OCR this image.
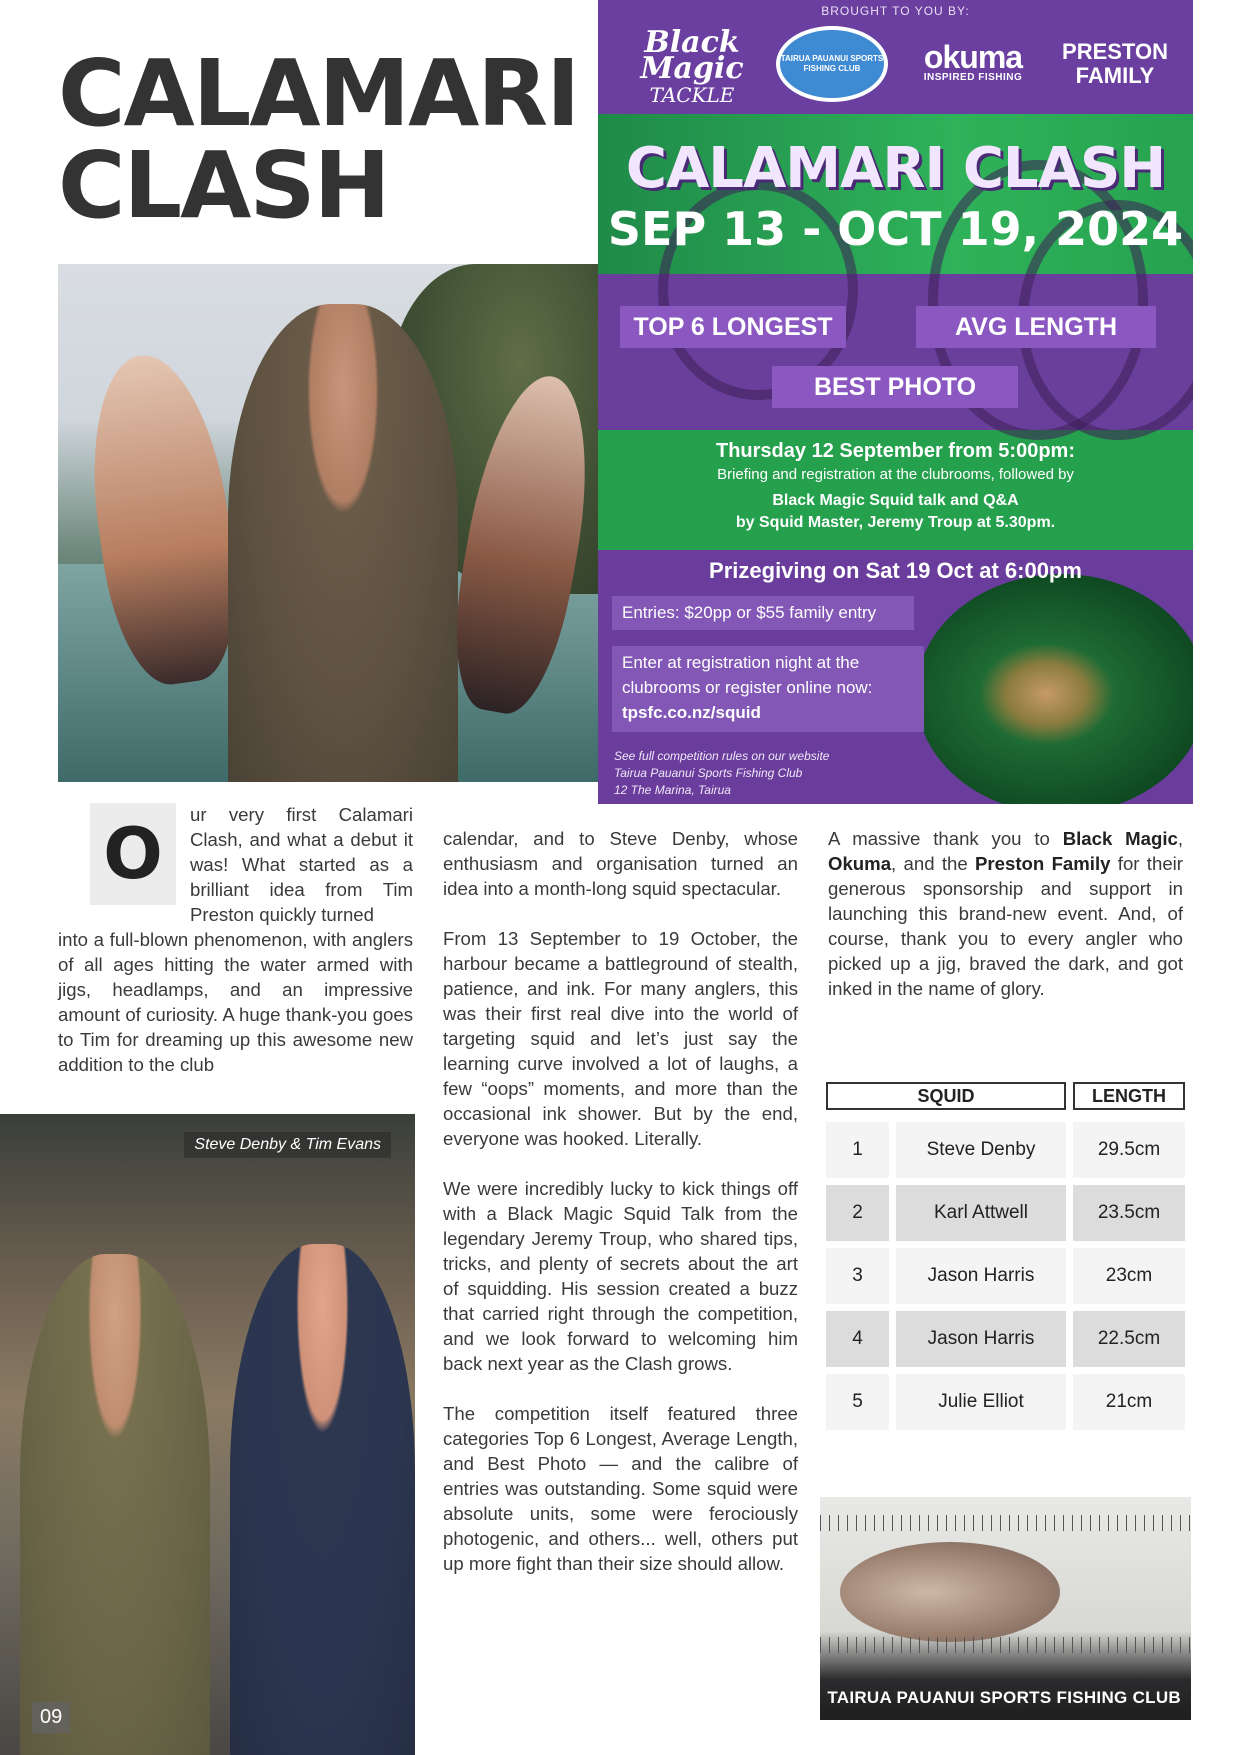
CALAMARI
CLASH
BROUGHT TO YOU BY:
Black Magic
TACKLE
TAIRUA PAUANUI SPORTS FISHING CLUB	okuma
INSPIRED FISHING
PRESTON FAMILY
CALAMARI CLASH
SEP 13 - OCT 19, 2024
TOP 6 LONGEST	AVG LENGTH
BEST PHOTO
Thursday 12 September from 5:00pm:
Briefing and registration at the clubrooms, followed by
Black Magic Squid talk and Q&A
by Squid Master, Jeremy Troup at 5.30pm.
Prizegiving on Sat 19 Oct at 6:00pm
Entries: $20pp or $55 family entry
Enter at registration night at the
clubrooms or register online now:
tpsfc.co.nz/squid
See full competition rules on our website
Tairua Pauanui Sports Fishing Club
12 The Marina, Tairua
O	ur very first Calamari Clash, and what a debut it was! What started as a brilliant idea from Tim Preston quickly turned

into a full-blown phenomenon, with anglers of all ages hitting the water armed with jigs, headlamps, and an impressive amount of curiosity. A huge thank-you goes to Tim for dreaming up this awesome new addition to the club

calendar, and to Steve Denby, whose enthusiasm and organisation turned an idea into a month-long squid spectacular.

From 13 September to 19 October, the harbour became a battleground of stealth, patience, and ink. For many anglers, this was their first real dive into the world of targeting squid and let’s just say the learning curve involved a lot of laughs, a few “oops” moments, and more than the occasional ink shower. But by the end, everyone was hooked. Literally.

We were incredibly lucky to kick things off with a Black Magic Squid Talk from the legendary Jeremy Troup, who shared tips, tricks, and plenty of secrets about the art of squidding. His session created a buzz that carried right through the competition, and we look forward to welcoming him back next year as the Clash grows.

The competition itself featured three categories Top 6 Longest, Average Length, and Best Photo — and the calibre of entries was outstanding. Some squid were absolute units, some were ferociously photogenic, and others... well, others put up more fight than their size should allow.

A massive thank you to Black Magic, Okuma, and the Preston Family for their generous sponsorship and support in launching this brand-new event. And, of course, thank you to every angler who picked up a jig, braved the dark, and got inked in the name of glory.

SQUID	LENGTH
1	Steve Denby	29.5cm
2	Karl Attwell	23.5cm
3	Jason Harris	23cm
4	Jason Harris	22.5cm
5	Julie Elliot	21cm
Steve Denby & Tim Evans
09
TAIRUA PAUANUI SPORTS FISHING CLUB
